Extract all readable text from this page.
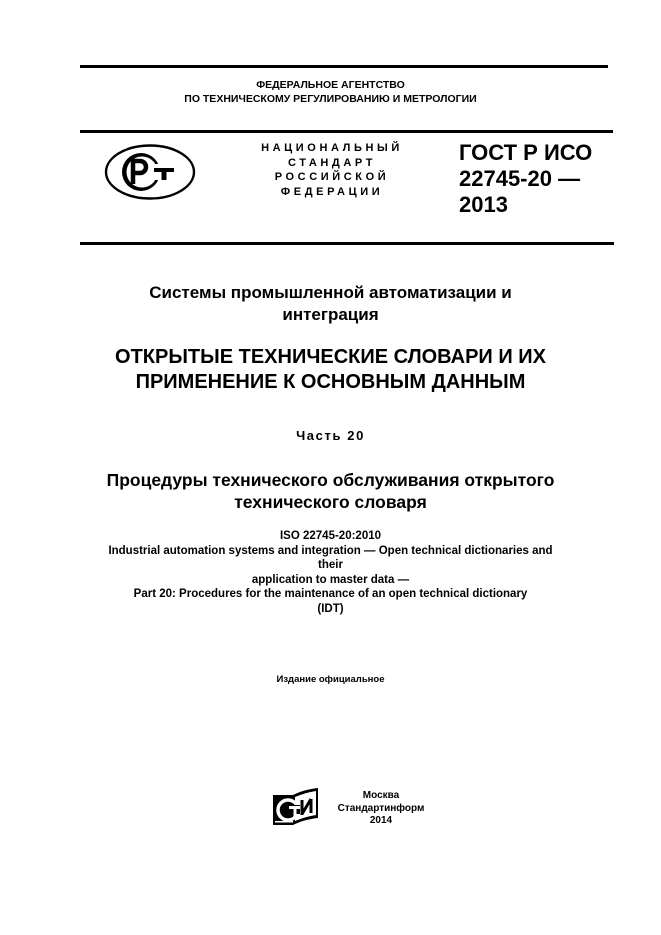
ФЕДЕРАЛЬНОЕ АГЕНТСТВО
ПО ТЕХНИЧЕСКОМУ РЕГУЛИРОВАНИЮ И МЕТРОЛОГИИ
НАЦИОНАЛЬНЫЙ
СТАНДАРТ
РОССИЙСКОЙ
ФЕДЕРАЦИИ
ГОСТ Р ИСО
22745-20 —
2013
Системы промышленной автоматизации и
интеграция
ОТКРЫТЫЕ ТЕХНИЧЕСКИЕ СЛОВАРИ И ИХ
ПРИМЕНЕНИЕ К ОСНОВНЫМ ДАННЫМ
Часть 20
Процедуры технического обслуживания открытого
технического словаря
ISO 22745-20:2010
Industrial automation systems and integration — Open technical dictionaries and
their
application to master data —
Part 20: Procedures for the maintenance of an open technical dictionary
(IDT)
Издание официальное
Москва
Стандартинформ
2014
